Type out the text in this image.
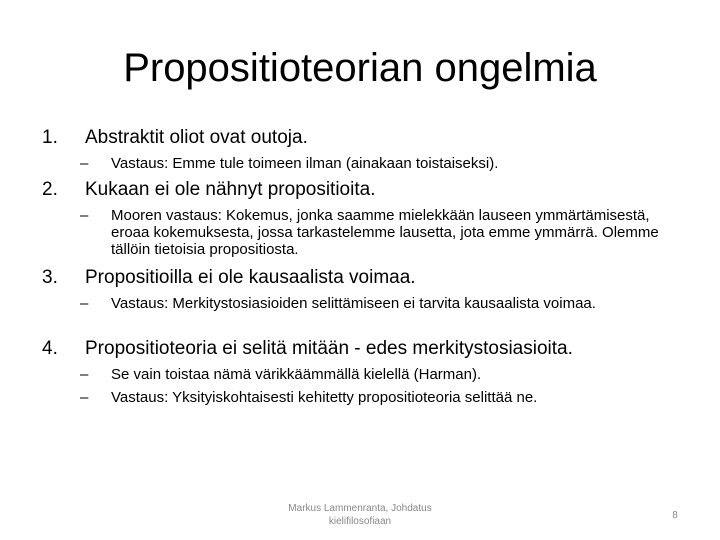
Propositioteorian ongelmia
1.	Abstraktit oliot ovat outoja.
–	Vastaus: Emme tule toimeen ilman (ainakaan toistaiseksi).
2.	Kukaan ei ole nähnyt propositioita.
–	Mooren vastaus: Kokemus, jonka saamme mielekkään lauseen ymmärtämisestä, eroaa kokemuksesta, jossa tarkastelemme lausetta, jota emme ymmärrä. Olemme tällöin tietoisia propositiosta.
3.	Propositioilla ei ole kausaalista voimaa.
–	Vastaus: Merkitystosiasioiden selittämiseen ei tarvita kausaalista voimaa.
4.	Propositioteoria ei selitä mitään - edes merkitystosiasioita.
–	Se vain toistaa nämä värikkäämmällä kielellä (Harman).
–	Vastaus: Yksityiskohtaisesti kehitetty propositioteoria selittää ne.
Markus Lammenranta, Johdatus kielifilosofiaan
8
